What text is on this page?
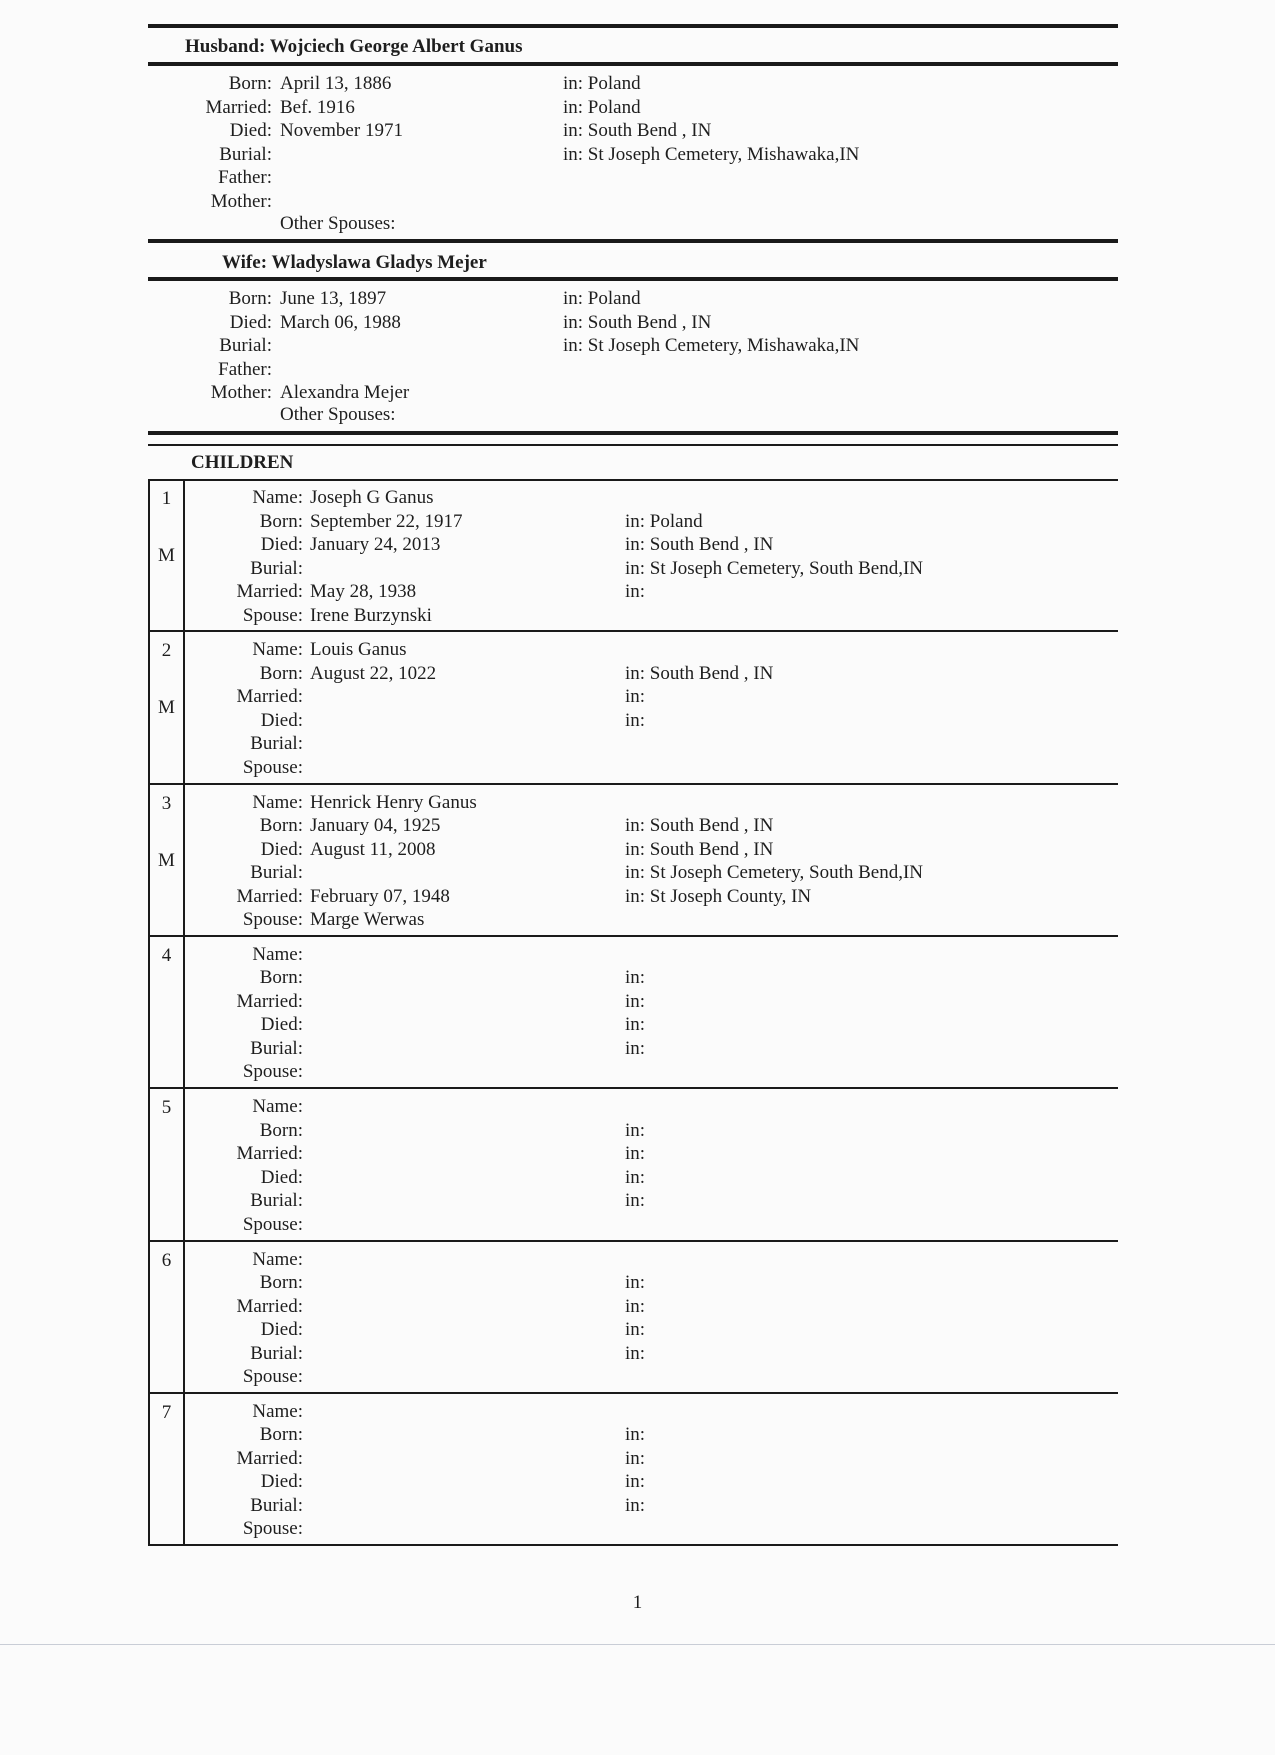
Husband: Wojciech George Albert Ganus
Born: April 13, 1886	in: Poland
Married: Bef. 1916	in: Poland
Died: November 1971	in: South Bend , IN
Burial:	in: St Joseph Cemetery, Mishawaka,IN
Father:
Mother:
Other Spouses:
Wife: Wladyslawa Gladys Mejer
Born: June 13, 1897	in: Poland
Died: March 06, 1988	in: South Bend , IN
Burial:	in: St Joseph Cemetery, Mishawaka,IN
Father:
Mother: Alexandra Mejer
Other Spouses:
CHILDREN
1
M
Name: Joseph G Ganus
Born: September 22, 1917	in: Poland
Died: January 24, 2013	in: South Bend , IN
Burial:	in: St Joseph Cemetery, South Bend,IN
Married: May 28, 1938	in:
Spouse: Irene Burzynski
2
M
Name: Louis Ganus
Born: August 22, 1022	in: South Bend , IN
Married:	in:
Died:	in:
Burial:
Spouse:
3
M
Name: Henrick Henry Ganus
Born: January 04, 1925	in: South Bend , IN
Died: August 11, 2008	in: South Bend , IN
Burial:	in: St Joseph Cemetery, South Bend,IN
Married: February 07, 1948	in: St Joseph County, IN
Spouse: Marge Werwas
4	Name:
Born:	in:
Married:	in:
Died:	in:
Burial:	in:
Spouse:
5	Name:
Born:	in:
Married:	in:
Died:	in:
Burial:	in:
Spouse:
6	Name:
Born:	in:
Married:	in:
Died:	in:
Burial:	in:
Spouse:
7	Name:
Born:	in:
Married:	in:
Died:	in:
Burial:	in:
Spouse:
1
